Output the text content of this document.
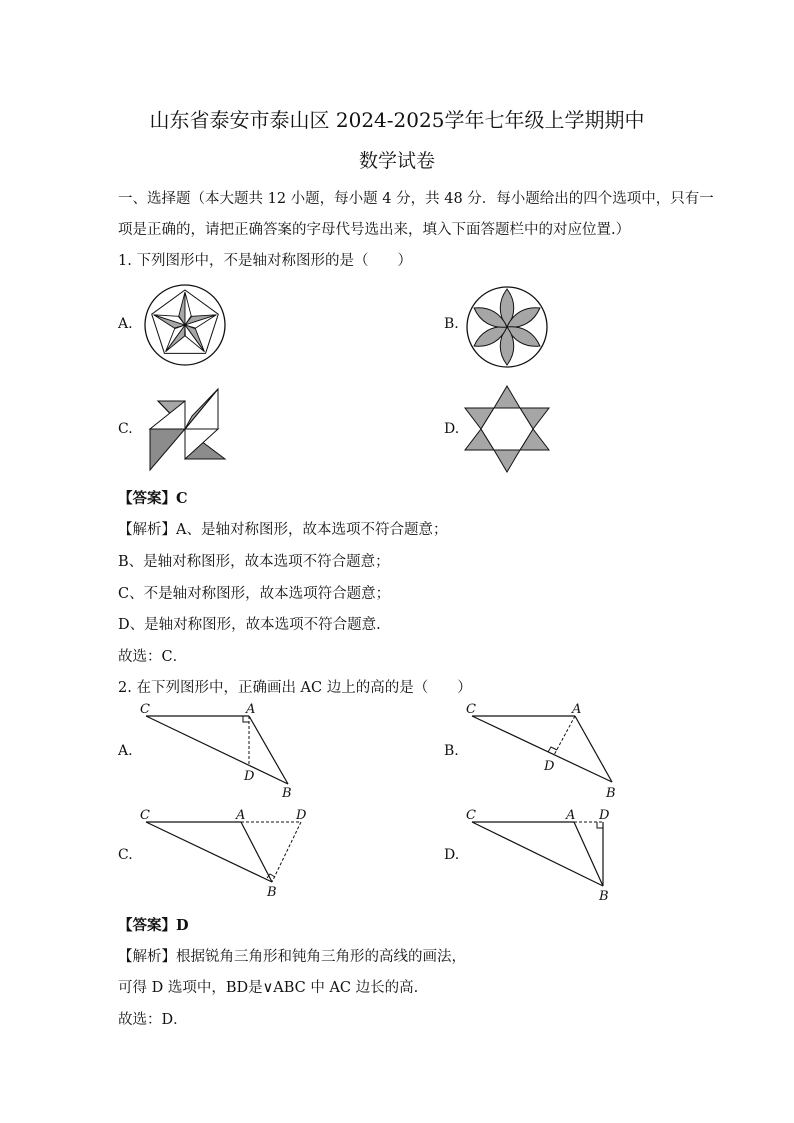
山东省泰安市泰山区 2024-2025学年七年级上学期期中
数学试卷
一、选择题（本大题共 12 小题，每小题 4 分，共 48 分．每小题给出的四个选项中，只有一
项是正确的，请把正确答案的字母代号选出来，填入下面答题栏中的对应位置.）
1. 下列图形中，不是轴对称图形的是（　　）
A.	B.
C.	D.
【答案】C
【解析】A、是轴对称图形，故本选项不符合题意；
B、是轴对称图形，故本选项不符合题意；
C、不是轴对称图形，故本选项符合题意；
D、是轴对称图形，故本选项不符合题意.
故选：C．
2. 在下列图形中，正确画出 AC 边上的高的是（　　）
A.	B.
C.	D.
C	A
D
B
C	A
D
B
C	A	D
B
C	A D
B
【答案】D
【解析】根据锐角三角形和钝角三角形的高线的画法，
可得 D 选项中，BD是∨ABC 中 AC 边长的高.
故选：D．
